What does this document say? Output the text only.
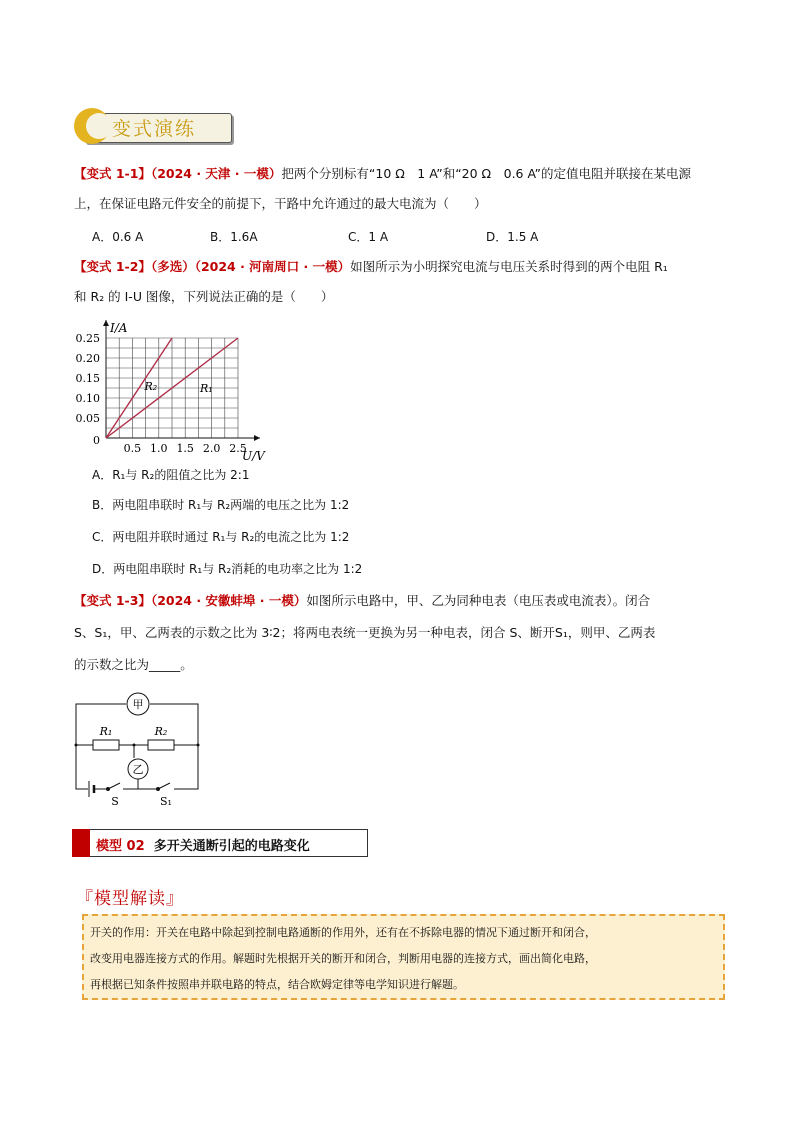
变式演练
【变式 1-1】（2024 · 天津 · 一模）把两个分别标有“10 Ω　1 A”和“20 Ω　0.6 A”的定值电阻并联接在某电源
上，在保证电路元件安全的前提下，干路中允许通过的最大电流为（　　）
A．0.6 A	B．1.6A	C．1 A	D．1.5 A
【变式 1-2】（多选）（2024 · 河南周口 · 一模）如图所示为小明探究电流与电压关系时得到的两个电阻 R₁
和 R₂ 的 I-U 图像，下列说法正确的是（　　）
0.5 1.0 1.5 2.0 2.5
0.05
0.10
0.15
0.20
0.25
0
U/V
I/A
R₂	R₁
A．R₁与 R₂的阻值之比为 2:1
B．两电阻串联时 R₁与 R₂两端的电压之比为 1:2
C．两电阻并联时通过 R₁与 R₂的电流之比为 1:2
D．两电阻串联时 R₁与 R₂消耗的电功率之比为 1:2
【变式 1-3】（2024 · 安徽蚌埠 · 一模）如图所示电路中，甲、乙为同种电表（电压表或电流表）。闭合
S、S₁，甲、乙两表的示数之比为 3∶2；将两电表统一更换为另一种电表，闭合 S、断开S₁，则甲、乙两表
的示数之比为_____。
甲
乙
R₁	R₂
S	S₁
模型 02 多开关通断引起的电路变化
『模型解读』
开关的作用：开关在电路中除起到控制电路通断的作用外，还有在不拆除电器的情况下通过断开和闭合，
改变用电器连接方式的作用。解题时先根据开关的断开和闭合，判断用电器的连接方式，画出简化电路，
再根据已知条件按照串并联电路的特点，结合欧姆定律等电学知识进行解题。
